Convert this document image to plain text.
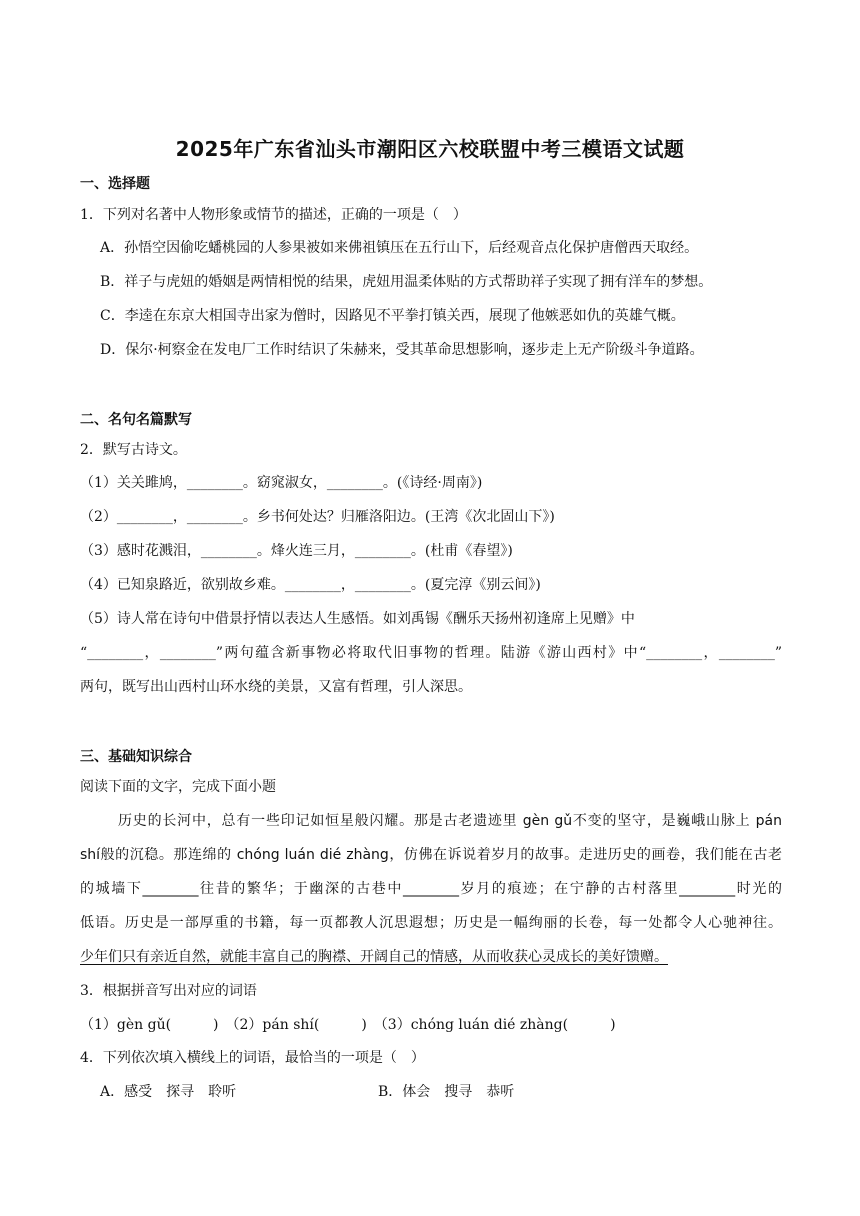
2025年广东省汕头市潮阳区六校联盟中考三模语文试题
一、选择题
1．下列对名著中人物形象或情节的描述，正确的一项是（　）
A．孙悟空因偷吃蟠桃园的人参果被如来佛祖镇压在五行山下，后经观音点化保护唐僧西天取经。
B．祥子与虎妞的婚姻是两情相悦的结果，虎妞用温柔体贴的方式帮助祥子实现了拥有洋车的梦想。
C．李逵在东京大相国寺出家为僧时，因路见不平拳打镇关西，展现了他嫉恶如仇的英雄气概。
D．保尔·柯察金在发电厂工作时结识了朱赫来，受其革命思想影响，逐步走上无产阶级斗争道路。
二、名句名篇默写
2．默写古诗文。
（1）关关雎鸠，________。窈窕淑女，________。(《诗经·周南》)
（2）________，________。乡书何处达？归雁洛阳边。(王湾《次北固山下》)
（3）感时花溅泪，________。烽火连三月，________。(杜甫《春望》)
（4）已知泉路近，欲别故乡难。________，________。(夏完淳《别云间》)
（5）诗人常在诗句中借景抒情以表达人生感悟。如刘禹锡《酬乐天扬州初逢席上见赠》中
“________，________”两句蕴含新事物必将取代旧事物的哲理。陆游《游山西村》中“________，________”
两句，既写出山西村山环水绕的美景，又富有哲理，引人深思。
三、基础知识综合
阅读下面的文字，完成下面小题
历史的长河中，总有一些印记如恒星般闪耀。那是古老遗迹里 gèn gǔ不变的坚守，是巍峨山脉上 pán
shí般的沉稳。那连绵的 chóng luán dié zhàng，仿佛在诉说着岁月的故事。走进历史的画卷，我们能在古老
的城墙下________往昔的繁华；于幽深的古巷中________岁月的痕迹；在宁静的古村落里________时光的
低语。历史是一部厚重的书籍，每一页都教人沉思遐想；历史是一幅绚丽的长卷，每一处都令人心驰神往。
少年们只有亲近自然，就能丰富自己的胸襟、开阔自己的情感，从而收获心灵成长的美好馈赠。
3．根据拼音写出对应的词语
（1）gèn gǔ(　　　)　（2）pán shí(　　　)　（3）chóng luán dié zhàng(　　　)
4．下列依次填入横线上的词语，最恰当的一项是（　）
A．感受　探寻　聆听	B．体会　搜寻　恭听
